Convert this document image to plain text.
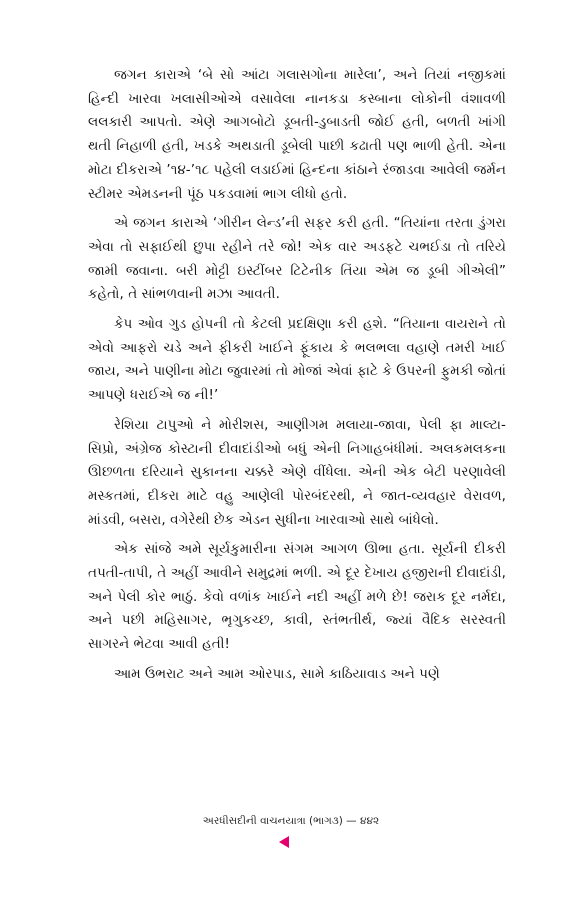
જગન કારાએ ‘બે સો આંટા ગલાસગોના મારેલા’, અને તિયાં નજીકમાં હિન્દી ખારવા ખલાસીઓએ વસાવેલા નાનકડા કસ્બાના લોકોની વંશાવળી લલકારી આપતો. એણે આગબોટો ડૂબતી-ડુબાડતી જોઈ હતી, બળતી ખાંગી થતી નિહાળી હતી, ખડકે અથડાતી ડૂબેલી પાછી કઢાતી પણ ભાળી હેતી. એના મોટા દીકરાએ ’૧૪-’૧૮ પહેલી લડાઈમાં હિન્દના કાંઠાને રંજાડવા આવેલી જર્મન સ્ટીમર એમડનની પૂંઠ પકડવામાં ભાગ લીધો હતો.

એ જગન કારાએ ‘ગીરીન લેન્ડ’ની સફર કરી હતી. “તિયાંના તરતા ડુંગરા એવા તો સફાઈથી છુપા રહીને તરે જો! એક વાર અડફટે ચભઈડા તો તરિયે જામી જવાના. બરી મોટ્ટી ઇસ્ટીંબર ટિટેનીક તિંયા એમ જ ડૂબી ગીએલી” કહેતો, તે સાંભળવાની મઝા આવતી.

કેપ ઓવ ગુડ હોપની તો કેટલી પ્રદક્ષિણા કરી હશે. “તિયાના વાયરાને તો એવો આફરો ચડે અને ફીકરી ખાઈને ફૂંકાય કે ભલભલા વહાણે તમરી ખાઈ જાય, અને પાણીના મોટા જુવારમાં તો મોજાં એવાં ફાટે કે ઉપરની ફુમકી જોતાં આપણે ધરાઈએ જ ની!’

રેશિયા ટાપુઓ ને મોરીશસ, આણીગમ મલાયા-જાવા, પેલી ફા માલ્ટા-સિપ્રો, અંગ્રેજ કોસ્ટાની દીવાદાંડીઓ બધું એની નિગાહબંધીમાં. અલકમલકના ઊછળતા દરિયાને સુકાનના ચક્કરે એણે વીંધેલા. એની એક બેટી પરણાવેલી મસ્કતમાં, દીકરા માટે વહુ આણેલી પોરબંદરથી, ને જાત-વ્યવહાર વેરાવળ, માંડવી, બસરા, વગેરેથી છેક એડન સુધીના ખારવાઓ સાથે બાંધેલો.

એક સાંજે અમે સૂર્યકુમારીના સંગમ આગળ ઊભા હતા. સૂર્યની દીકરી તપતી-તાપી, તે અહીં આવીને સમુદ્રમાં ભળી. એ દૂર દેખાય હજીરાની દીવાદાંડી, અને પેલી કોર ભાઠું. કેવો વળાંક ખાઈને નદી અહીં મળે છે! જરાક દૂર નર્મદા, અને પછી મહિસાગર, ભૃગુકચ્છ, કાવી, સ્તંભતીર્થ, જ્યાં વૈદિક સરસ્વતી સાગરને ભેટવા આવી હતી!

આમ ઉભરાટ અને આમ ઓરપાડ, સામે કાઠિયાવાડ અને પણે

અરધીસદીની વાચનયાત્રા (ભાગ૩) — ૪૪૨
